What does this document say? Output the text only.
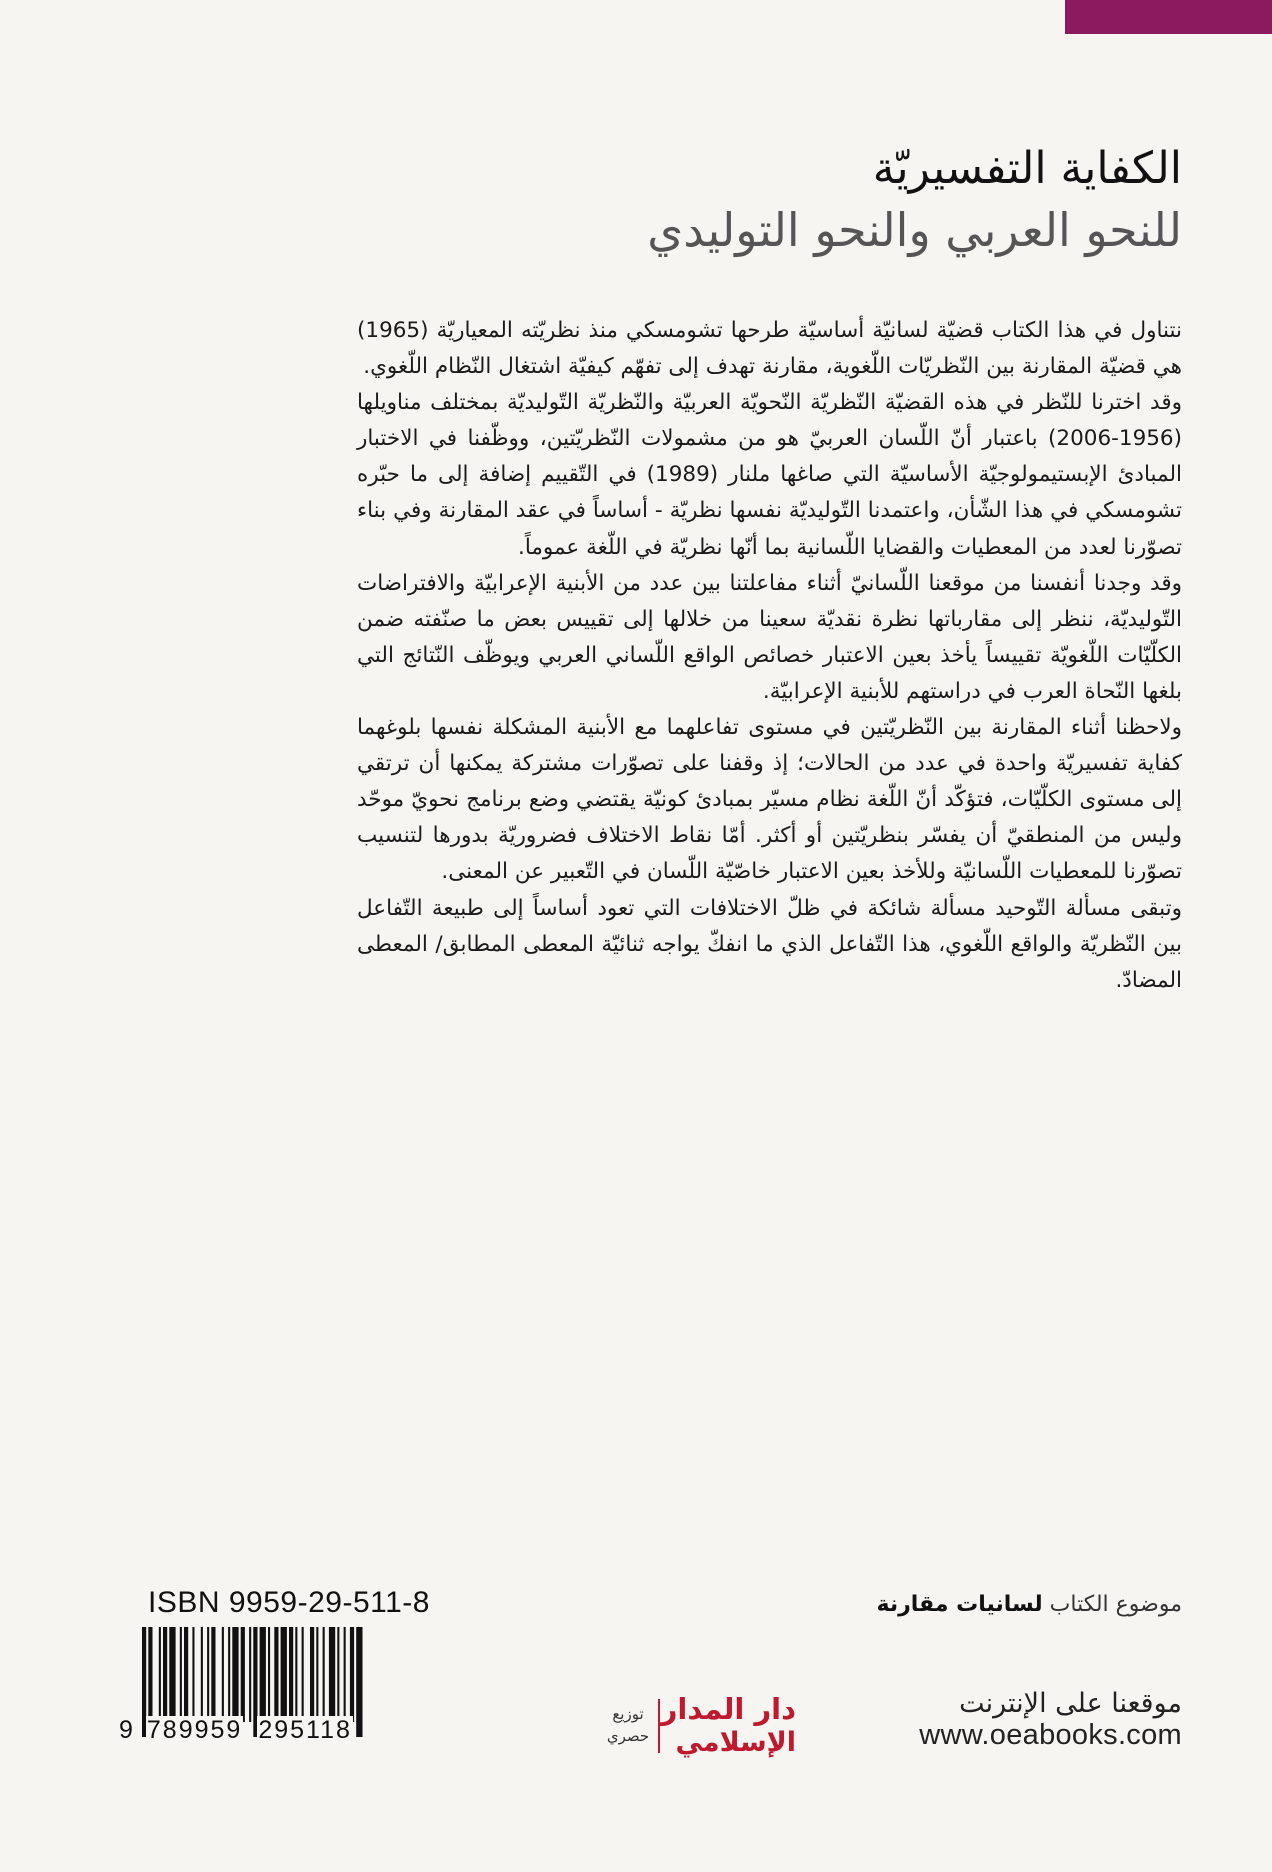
الكفاية التفسيريّة
للنحو العربي والنحو التوليدي

نتناول في هذا الكتاب قضيّة لسانيّة أساسيّة طرحها تشومسكي منذ نظريّته المعياريّة (1965) هي قضيّة المقارنة بين النّظريّات اللّغوية، مقارنة تهدف إلى تفهّم كيفيّة اشتغال النّظام اللّغوي.

وقد اخترنا للنّظر في هذه القضيّة النّظريّة النّحويّة العربيّة والنّظريّة التّوليديّة بمختلف مناويلها (1956-2006) باعتبار أنّ اللّسان العربيّ هو من مشمولات النّظريّتين، ووظّفنا في الاختبار المبادئ الإبستيمولوجيّة الأساسيّة التي صاغها ملنار (1989) في التّقييم إضافة إلى ما حبّره تشومسكي في هذا الشّأن، واعتمدنا التّوليديّة نفسها نظريّة - أساساً في عقد المقارنة وفي بناء تصوّرنا لعدد من المعطيات والقضايا اللّسانية بما أنّها نظريّة في اللّغة عموماً.

وقد وجدنا أنفسنا من موقعنا اللّسانيّ أثناء مفاعلتنا بين عدد من الأبنية الإعرابيّة والافتراضات التّوليديّة، ننظر إلى مقارباتها نظرة نقديّة سعينا من خلالها إلى تقييس بعض ما صنّفته ضمن الكلّيّات اللّغويّة تقييساً يأخذ بعين الاعتبار خصائص الواقع اللّساني العربي ويوظّف النّتائج التي بلغها النّحاة العرب في دراستهم للأبنية الإعرابيّة.

ولاحظنا أثناء المقارنة بين النّظريّتين في مستوى تفاعلهما مع الأبنية المشكلة نفسها بلوغهما كفاية تفسيريّة واحدة في عدد من الحالات؛ إذ وقفنا على تصوّرات مشتركة يمكنها أن ترتقي إلى مستوى الكلّيّات، فتؤكّد أنّ اللّغة نظام مسيّر بمبادئ كونيّة يقتضي وضع برنامج نحويّ موحّد وليس من المنطقيّ أن يفسّر بنظريّتين أو أكثر. أمّا نقاط الاختلاف فضروريّة بدورها لتنسيب تصوّرنا للمعطيات اللّسانيّة وللأخذ بعين الاعتبار خاصّيّة اللّسان في التّعبير عن المعنى.

وتبقى مسألة التّوحيد مسألة شائكة في ظلّ الاختلافات التي تعود أساساً إلى طبيعة التّفاعل بين النّظريّة والواقع اللّغوي، هذا التّفاعل الذي ما انفكّ يواجه ثنائيّة المعطى المطابق/ المعطى المضادّ.

ISBN 9959-29-511-8
9 789959 295118
موضوع الكتاب لسانيات مقارنة
موقعنا على الإنترنت
www.oeabooks.com
دار المدار
الإسلامي
توزيع
حصري
